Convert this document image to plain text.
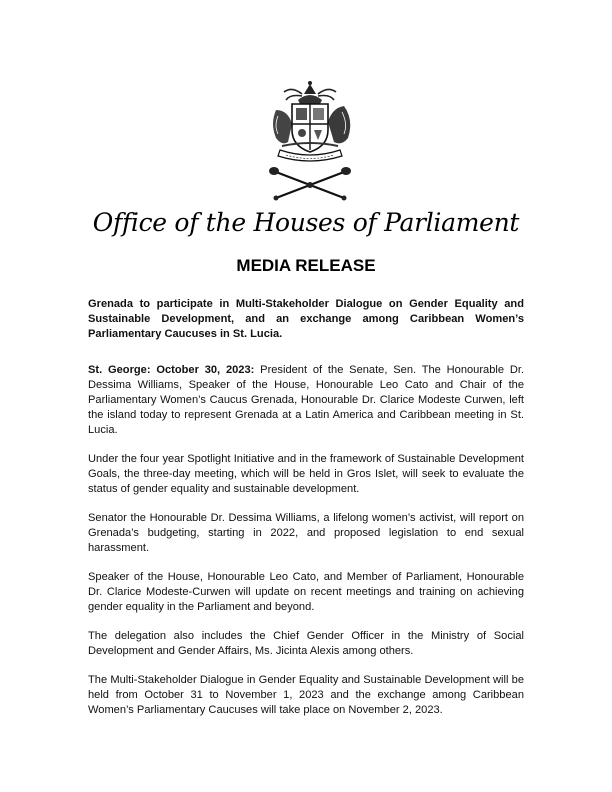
Office of the Houses of Parliament
MEDIA RELEASE
Grenada to participate in Multi-Stakeholder Dialogue on Gender Equality and Sustainable Development, and an exchange among Caribbean Women’s Parliamentary Caucuses in St. Lucia.

St. George: October 30, 2023: President of the Senate, Sen. The Honourable Dr. Dessima Williams, Speaker of the House, Honourable Leo Cato and Chair of the Parliamentary Women’s Caucus Grenada, Honourable Dr. Clarice Modeste Curwen, left the island today to represent Grenada at a Latin America and Caribbean meeting in St. Lucia.

Under the four year Spotlight Initiative and in the framework of Sustainable Development Goals, the three-day meeting, which will be held in Gros Islet, will seek to evaluate the status of gender equality and sustainable development.

Senator the Honourable Dr. Dessima Williams, a lifelong women’s activist, will report on Grenada’s budgeting, starting in 2022, and proposed legislation to end sexual harassment.

Speaker of the House, Honourable Leo Cato, and Member of Parliament, Honourable Dr. Clarice Modeste-Curwen will update on recent meetings and training on achieving gender equality in the Parliament and beyond.

The delegation also includes the Chief Gender Officer in the Ministry of Social Development and Gender Affairs, Ms. Jicinta Alexis among others.

The Multi-Stakeholder Dialogue in Gender Equality and Sustainable Development will be held from October 31 to November 1, 2023 and the exchange among Caribbean Women’s Parliamentary Caucuses will take place on November 2, 2023.
